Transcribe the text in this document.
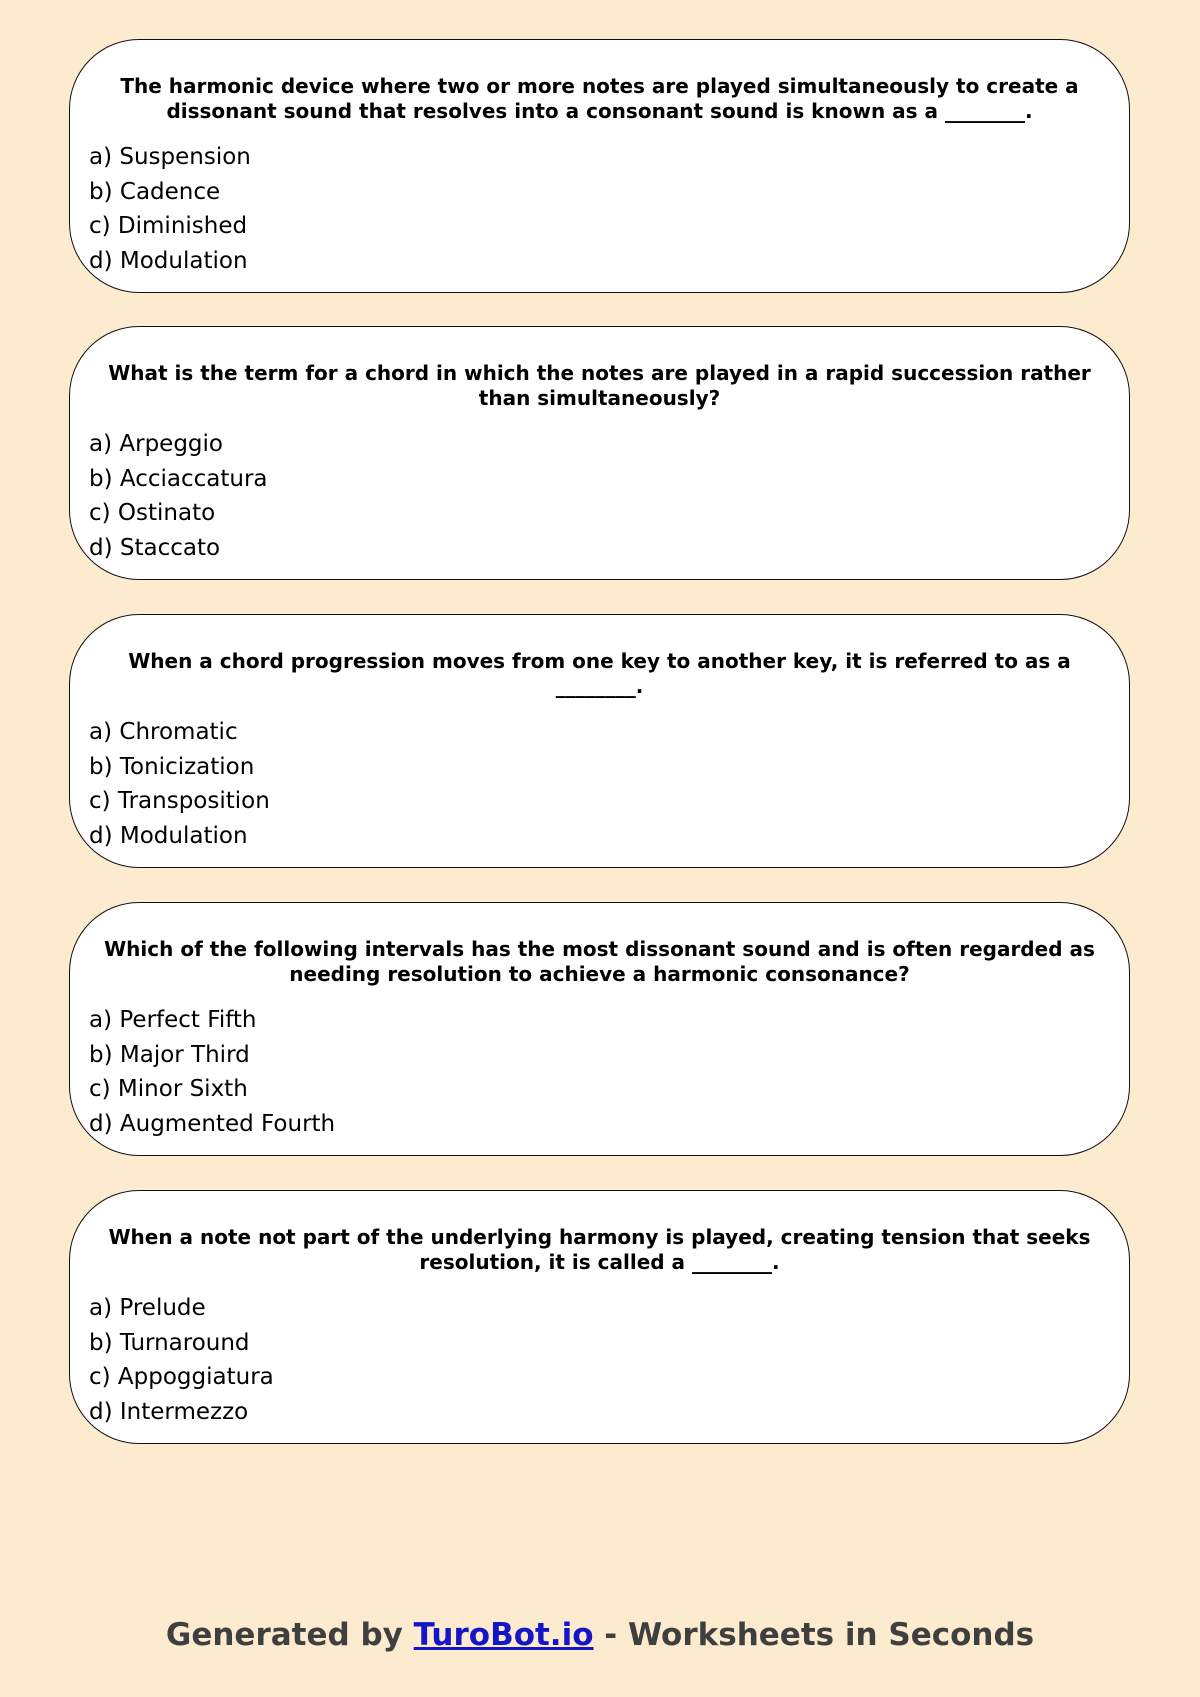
The harmonic device where two or more notes are played simultaneously to create a dissonant sound that resolves into a consonant sound is known as a ________.

a) Suspension
b) Cadence
c) Diminished
d) Modulation

What is the term for a chord in which the notes are played in a rapid succession rather than simultaneously?

a) Arpeggio
b) Acciaccatura
c) Ostinato
d) Staccato

When a chord progression moves from one key to another key, it is referred to as a ________.

a) Chromatic
b) Tonicization
c) Transposition
d) Modulation

Which of the following intervals has the most dissonant sound and is often regarded as needing resolution to achieve a harmonic consonance?

a) Perfect Fifth
b) Major Third
c) Minor Sixth
d) Augmented Fourth

When a note not part of the underlying harmony is played, creating tension that seeks resolution, it is called a ________.

a) Prelude
b) Turnaround
c) Appoggiatura
d) Intermezzo
Generated by TuroBot.io - Worksheets in Seconds
